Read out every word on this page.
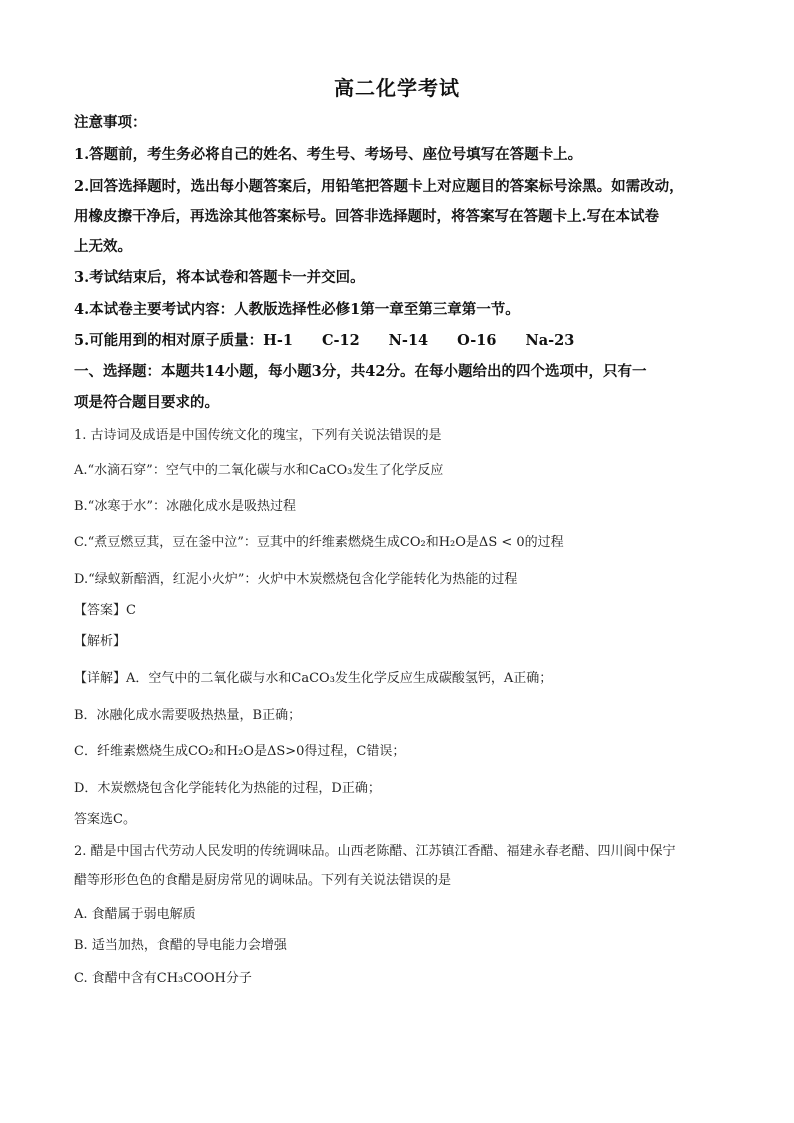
高二化学考试
注意事项：
1.答题前，考生务必将自己的姓名、考生号、考场号、座位号填写在答题卡上。
2.回答选择题时，选出每小题答案后，用铅笔把答题卡上对应题目的答案标号涂黑。如需改动，
用橡皮擦干净后，再选涂其他答案标号。回答非选择题时，将答案写在答题卡上.写在本试卷
上无效。
3.考试结束后，将本试卷和答题卡一并交回。
4.本试卷主要考试内容：人教版选择性必修1第一章至第三章第一节。
5.可能用到的相对原子质量：H-1　　C-12　　N-14　　O-16　　Na-23
一、选择题：本题共14小题，每小题3分，共42分。在每小题给出的四个选项中，只有一
项是符合题目要求的。
1. 古诗词及成语是中国传统文化的瑰宝，下列有关说法错误的是
A.“水滴石穿”：空气中的二氧化碳与水和CaCO₃发生了化学反应
B.“冰寒于水”：冰融化成水是吸热过程
C.“煮豆燃豆萁，豆在釜中泣”：豆萁中的纤维素燃烧生成CO₂和H₂O是ΔS < 0的过程
D.“绿蚁新醅酒，红泥小火炉”：火炉中木炭燃烧包含化学能转化为热能的过程
【答案】C
【解析】
【详解】A．空气中的二氧化碳与水和CaCO₃发生化学反应生成碳酸氢钙，A正确；
B．冰融化成水需要吸热热量，B正确；
C．纤维素燃烧生成CO₂和H₂O是ΔS>0得过程，C错误；
D．木炭燃烧包含化学能转化为热能的过程，D正确；
答案选C。
2. 醋是中国古代劳动人民发明的传统调味品。山西老陈醋、江苏镇江香醋、福建永春老醋、四川阆中保宁
醋等形形色色的食醋是厨房常见的调味品。下列有关说法错误的是
A. 食醋属于弱电解质
B. 适当加热，食醋的导电能力会增强
C. 食醋中含有CH₃COOH分子
